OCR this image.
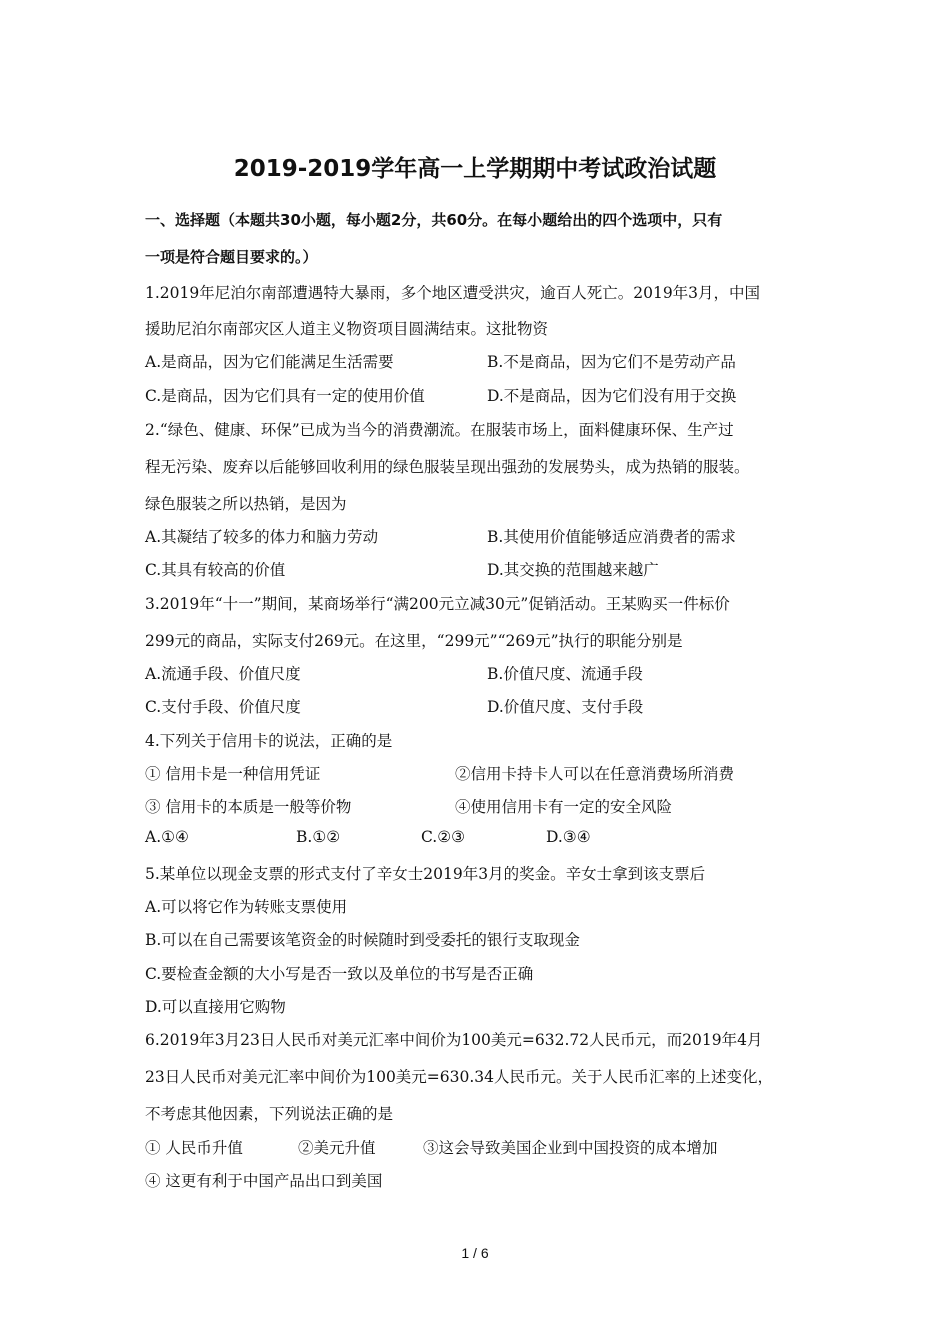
2019-2019学年高一上学期期中考试政治试题
一、选择题（本题共30小题，每小题2分，共60分。在每小题给出的四个选项中，只有
一项是符合题目要求的。）
1.2019年尼泊尔南部遭遇特大暴雨，多个地区遭受洪灾，逾百人死亡。2019年3月，中国
援助尼泊尔南部灾区人道主义物资项目圆满结束。这批物资
A.是商品，因为它们能满足生活需要	B.不是商品，因为它们不是劳动产品
C.是商品，因为它们具有一定的使用价值	D.不是商品，因为它们没有用于交换
2.“绿色、健康、环保”已成为当今的消费潮流。在服装市场上，面料健康环保、生产过
程无污染、废弃以后能够回收利用的绿色服装呈现出强劲的发展势头，成为热销的服装。
绿色服装之所以热销，是因为
A.其凝结了较多的体力和脑力劳动	B.其使用价值能够适应消费者的需求
C.其具有较高的价值	D.其交换的范围越来越广
3.2019年“十一”期间，某商场举行“满200元立减30元”促销活动。王某购买一件标价
299元的商品，实际支付269元。在这里，“299元”“269元”执行的职能分别是
A.流通手段、价值尺度	B.价值尺度、流通手段
C.支付手段、价值尺度	D.价值尺度、支付手段
4.下列关于信用卡的说法，正确的是
① 信用卡是一种信用凭证	②信用卡持卡人可以在任意消费场所消费
③ 信用卡的本质是一般等价物	④使用信用卡有一定的安全风险
A.①④	B.①②	C.②③	D.③④
5.某单位以现金支票的形式支付了辛女士2019年3月的奖金。辛女士拿到该支票后
A.可以将它作为转账支票使用
B.可以在自己需要该笔资金的时候随时到受委托的银行支取现金
C.要检查金额的大小写是否一致以及单位的书写是否正确
D.可以直接用它购物
6.2019年3月23日人民币对美元汇率中间价为100美元=632.72人民币元，而2019年4月
23日人民币对美元汇率中间价为100美元=630.34人民币元。关于人民币汇率的上述变化，
不考虑其他因素，下列说法正确的是
① 人民币升值	②美元升值	③这会导致美国企业到中国投资的成本增加
④ 这更有利于中国产品出口到美国
1 / 6
